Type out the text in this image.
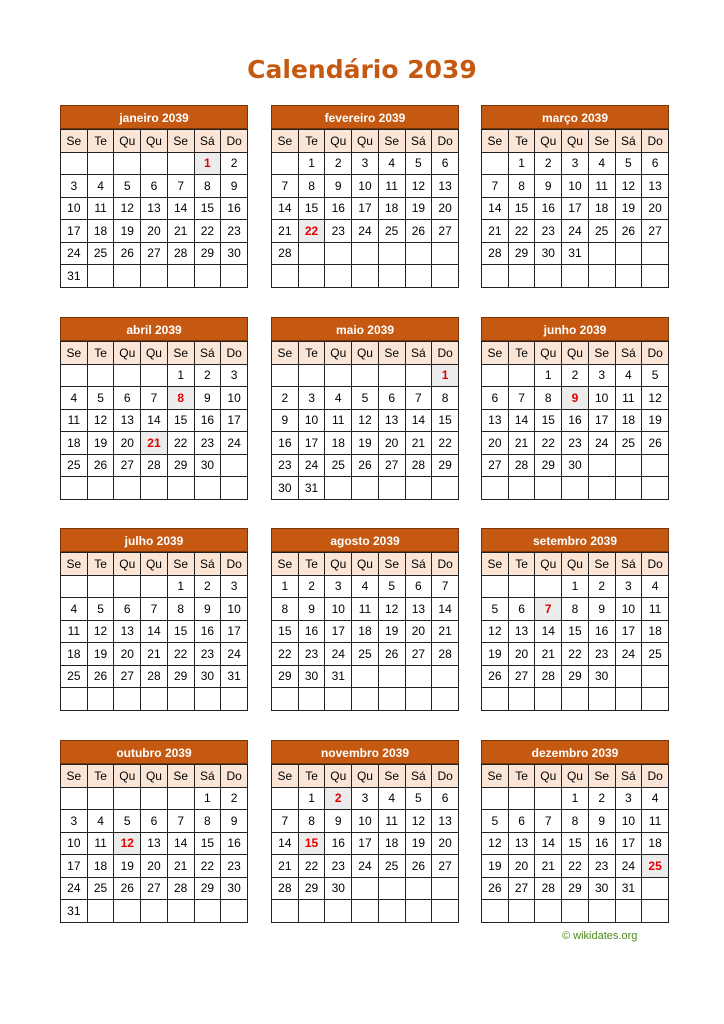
Calendário 2039
janeiro 2039
Se	Te	Qu	Qu	Se	Sá	Do
					1	2
3	4	5	6	7	8	9
10	11	12	13	14	15	16
17	18	19	20	21	22	23
24	25	26	27	28	29	30
31						
fevereiro 2039
Se	Te	Qu	Qu	Se	Sá	Do
	1	2	3	4	5	6
7	8	9	10	11	12	13
14	15	16	17	18	19	20
21	22	23	24	25	26	27
28						

março 2039
Se	Te	Qu	Qu	Se	Sá	Do
	1	2	3	4	5	6
7	8	9	10	11	12	13
14	15	16	17	18	19	20
21	22	23	24	25	26	27
28	29	30	31			

abril 2039
Se	Te	Qu	Qu	Se	Sá	Do
				1	2	3
4	5	6	7	8	9	10
11	12	13	14	15	16	17
18	19	20	21	22	23	24
25	26	27	28	29	30	

maio 2039
Se	Te	Qu	Qu	Se	Sá	Do
						1
2	3	4	5	6	7	8
9	10	11	12	13	14	15
16	17	18	19	20	21	22
23	24	25	26	27	28	29
30	31					
junho 2039
Se	Te	Qu	Qu	Se	Sá	Do
		1	2	3	4	5
6	7	8	9	10	11	12
13	14	15	16	17	18	19
20	21	22	23	24	25	26
27	28	29	30			

julho 2039
Se	Te	Qu	Qu	Se	Sá	Do
				1	2	3
4	5	6	7	8	9	10
11	12	13	14	15	16	17
18	19	20	21	22	23	24
25	26	27	28	29	30	31

agosto 2039
Se	Te	Qu	Qu	Se	Sá	Do
1	2	3	4	5	6	7
8	9	10	11	12	13	14
15	16	17	18	19	20	21
22	23	24	25	26	27	28
29	30	31				

setembro 2039
Se	Te	Qu	Qu	Se	Sá	Do
			1	2	3	4
5	6	7	8	9	10	11
12	13	14	15	16	17	18
19	20	21	22	23	24	25
26	27	28	29	30		

outubro 2039
Se	Te	Qu	Qu	Se	Sá	Do
					1	2
3	4	5	6	7	8	9
10	11	12	13	14	15	16
17	18	19	20	21	22	23
24	25	26	27	28	29	30
31						
novembro 2039
Se	Te	Qu	Qu	Se	Sá	Do
	1	2	3	4	5	6
7	8	9	10	11	12	13
14	15	16	17	18	19	20
21	22	23	24	25	26	27
28	29	30				

dezembro 2039
Se	Te	Qu	Qu	Se	Sá	Do
			1	2	3	4
5	6	7	8	9	10	11
12	13	14	15	16	17	18
19	20	21	22	23	24	25
26	27	28	29	30	31	

© wikidates.org
